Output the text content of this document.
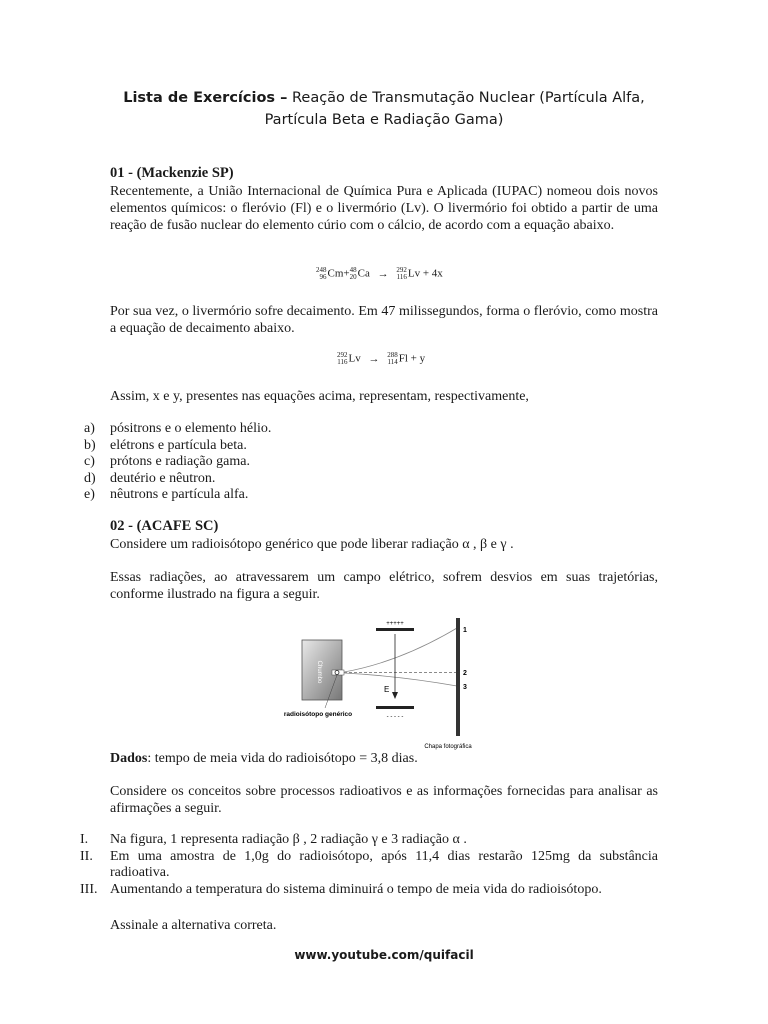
Lista de Exercícios – Reação de Transmutação Nuclear (Partícula Alfa,
Partícula Beta e Radiação Gama)
01 - (Mackenzie SP)
Recentemente, a União Internacional de Química Pura e Aplicada (IUPAC) nomeou dois novos elementos químicos: o fleróvio (Fl) e o livermório (Lv). O livermório foi obtido a partir de uma reação de fusão nuclear do elemento cúrio com o cálcio, de acordo com a equação abaixo.
248
96 Cm+ 48
20 Ca → 292
116 Lv + 4x
Por sua vez, o livermório sofre decaimento. Em 47 milissegundos, forma o fleróvio, como mostra a equação de decaimento abaixo.
292
116 Lv → 288
114 Fl + y
Assim, x e y, presentes nas equações acima, representam, respectivamente,
a)	pósitrons e o elemento hélio.
b)	elétrons e partícula beta.
c)	prótons e radiação gama.
d)	deutério e nêutron.
e)	nêutrons e partícula alfa.
02 - (ACAFE SC)
Considere um radioisótopo genérico que pode liberar radiação α , β e γ .
Essas radiações, ao atravessarem um campo elétrico, sofrem desvios em suas trajetórias, conforme ilustrado na figura a seguir.
Chumbo
+++++
- - - - -
E
1
2
3
radioisótopo genérico
Chapa fotográfica
Dados: tempo de meia vida do radioisótopo = 3,8 dias.
Considere os conceitos sobre processos radioativos e as informações fornecidas para analisar as afirmações a seguir.
I.	Na figura, 1 representa radiação β , 2 radiação γ e 3 radiação α .
II.	Em uma amostra de 1,0g do radioisótopo, após 11,4 dias restarão 125mg da substância radioativa.
III. Aumentando a temperatura do sistema diminuirá o tempo de meia vida do radioisótopo.
Assinale a alternativa correta.
www.youtube.com/quifacil
